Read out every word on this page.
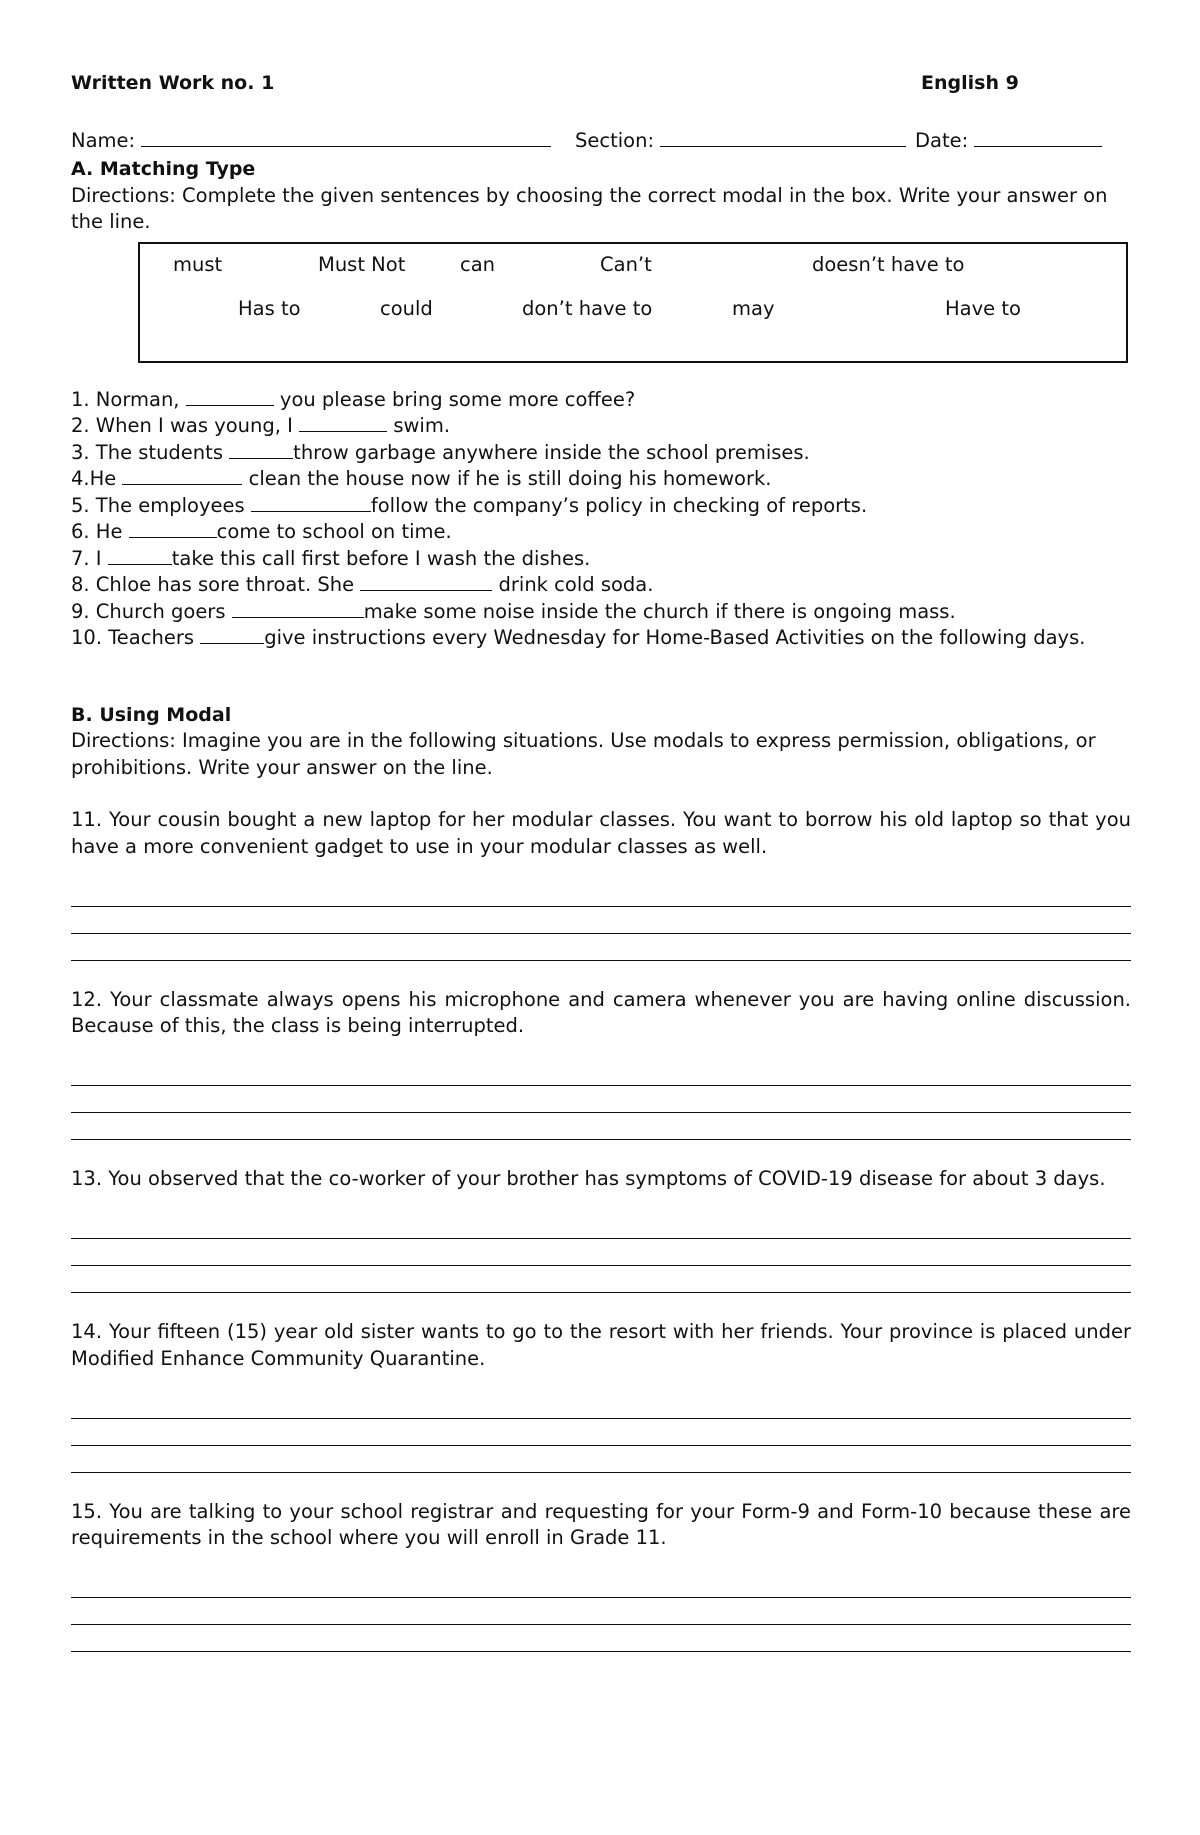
Written Work no. 1	English 9
Name:	Section:	Date:
A. Matching Type

Directions: Complete the given sentences by choosing the correct modal in the box. Write your answer on the line.

must	Must Not	can	Can’t	doesn’t have to
Has to	could	don’t have to	may	Have to

1. Norman,	you please bring some more coffee?

2. When I was young, I	swim.

3. The students	throw garbage anywhere inside the school premises.

4.He	clean the house now if he is still doing his homework.

5. The employees	follow the company’s policy in checking of reports.

6. He	come to school on time.

7. I	take this call first before I wash the dishes.

8. Chloe has sore throat. She	drink cold soda.

9. Church goers	make some noise inside the church if there is ongoing mass.

10. Teachers	give instructions every Wednesday for Home-Based Activities on the following days.

B. Using Modal

Directions: Imagine you are in the following situations. Use modals to express permission, obligations, or prohibitions. Write your answer on the line.

11. Your cousin bought a new laptop for her modular classes. You want to borrow his old laptop so that you have a more convenient gadget to use in your modular classes as well.

12. Your classmate always opens his microphone and camera whenever you are having online discussion. Because of this, the class is being interrupted.

13. You observed that the co-worker of your brother has symptoms of COVID-19 disease for about 3 days.

14. Your fifteen (15) year old sister wants to go to the resort with her friends. Your province is placed under Modified Enhance Community Quarantine.

15. You are talking to your school registrar and requesting for your Form-9 and Form-10 because these are requirements in the school where you will enroll in Grade 11.
